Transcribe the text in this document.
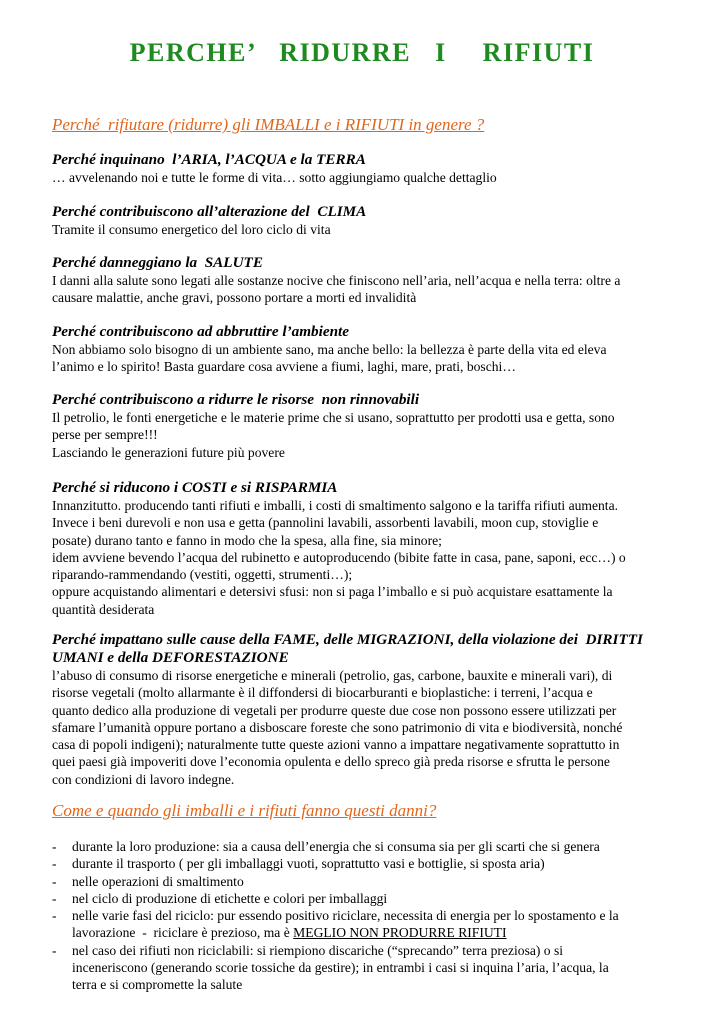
PERCHE’  RIDURRE  I   RIFIUTI
Perché  rifiutare (ridurre) gli IMBALLI e i RIFIUTI in genere ?
Perché inquinano  l’ARIA, l’ACQUA e la TERRA
… avvelenando noi e tutte le forme di vita… sotto aggiungiamo qualche dettaglio
Perché contribuiscono all’alterazione del  CLIMA
Tramite il consumo energetico del loro ciclo di vita
Perché danneggiano la  SALUTE
I danni alla salute sono legati alle sostanze nocive che finiscono nell’aria, nell’acqua e nella terra: oltre a
causare malattie, anche gravi, possono portare a morti ed invalidità
Perché contribuiscono ad abbruttire l’ambiente
Non abbiamo solo bisogno di un ambiente sano, ma anche bello: la bellezza è parte della vita ed eleva
l’animo e lo spirito! Basta guardare cosa avviene a fiumi, laghi, mare, prati, boschi…
Perché contribuiscono a ridurre le risorse  non rinnovabili
Il petrolio, le fonti energetiche e le materie prime che si usano, soprattutto per prodotti usa e getta, sono
perse per sempre!!!
Lasciando le generazioni future più povere
Perché si riducono i COSTI e si RISPARMIA
Innanzitutto. producendo tanti rifiuti e imballi, i costi di smaltimento salgono e la tariffa rifiuti aumenta.
Invece i beni durevoli e non usa e getta (pannolini lavabili, assorbenti lavabili, moon cup, stoviglie e
posate) durano tanto e fanno in modo che la spesa, alla fine, sia minore;
idem avviene bevendo l’acqua del rubinetto e autoproducendo (bibite fatte in casa, pane, saponi, ecc…) o
riparando-rammendando (vestiti, oggetti, strumenti…);
oppure acquistando alimentari e detersivi sfusi: non si paga l’imballo e si può acquistare esattamente la
quantità desiderata
Perché impattano sulle cause della FAME, delle MIGRAZIONI, della violazione dei  DIRITTI
UMANI e della DEFORESTAZIONE
l’abuso di consumo di risorse energetiche e minerali (petrolio, gas, carbone, bauxite e minerali vari), di
risorse vegetali (molto allarmante è il diffondersi di biocarburanti e bioplastiche: i terreni, l’acqua e
quanto dedico alla produzione di vegetali per produrre queste due cose non possono essere utilizzati per
sfamare l’umanità oppure portano a disboscare foreste che sono patrimonio di vita e biodiversità, nonché
casa di popoli indigeni); naturalmente tutte queste azioni vanno a impattare negativamente soprattutto in
quei paesi già impoveriti dove l’economia opulenta e dello spreco già preda risorse e sfrutta le persone
con condizioni di lavoro indegne.
Come e quando gli imballi e i rifiuti fanno questi danni?
- durante la loro produzione: sia a causa dell’energia che si consuma sia per gli scarti che si genera
- durante il trasporto ( per gli imballaggi vuoti, soprattutto vasi e bottiglie, si sposta aria)
- nelle operazioni di smaltimento
- nel ciclo di produzione di etichette e colori per imballaggi
- nelle varie fasi del riciclo: pur essendo positivo riciclare, necessita di energia per lo spostamento e la
lavorazione  -  riciclare è prezioso, ma è MEGLIO NON PRODURRE RIFIUTI
- nel caso dei rifiuti non riciclabili: si riempiono discariche (“sprecando” terra preziosa) o si
inceneriscono (generando scorie tossiche da gestire); in entrambi i casi si inquina l’aria, l’acqua, la
terra e si compromette la salute
